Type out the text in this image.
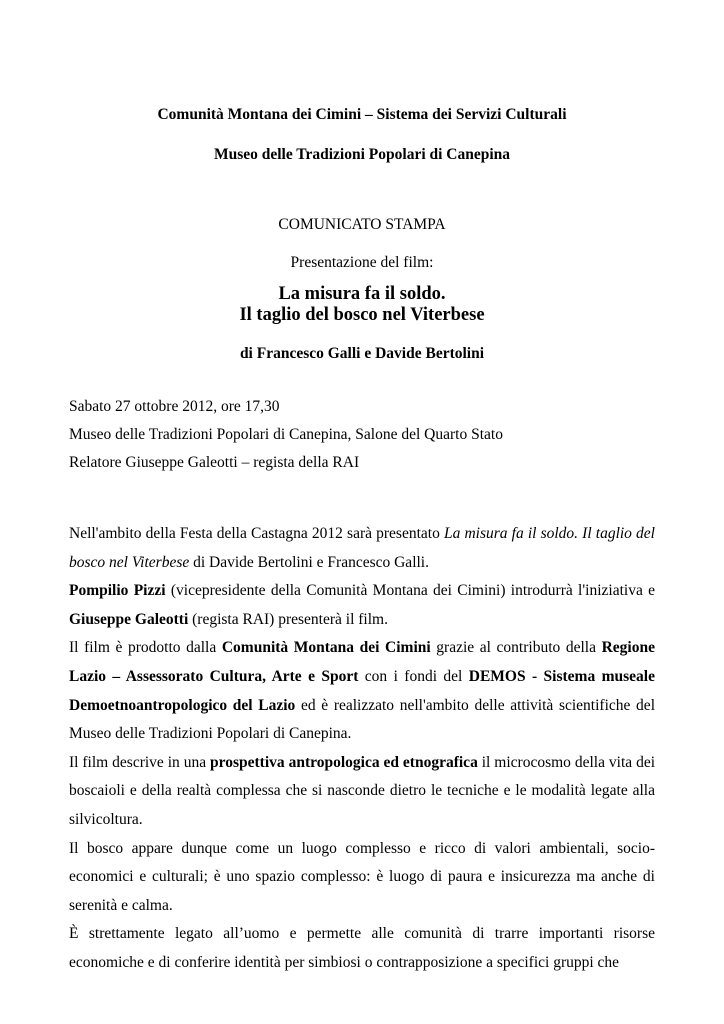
Comunità Montana dei Cimini – Sistema dei Servizi Culturali
Museo delle Tradizioni Popolari di Canepina
COMUNICATO STAMPA
Presentazione del film:
La misura fa il soldo.
Il taglio del bosco nel Viterbese
di Francesco Galli e Davide Bertolini
Sabato 27 ottobre 2012, ore 17,30
Museo delle Tradizioni Popolari di Canepina, Salone del Quarto Stato
Relatore Giuseppe Galeotti – regista della RAI

Nell'ambito della Festa della Castagna 2012 sarà presentato La misura fa il soldo. Il taglio del bosco nel Viterbese di Davide Bertolini e Francesco Galli.

Pompilio Pizzi (vicepresidente della Comunità Montana dei Cimini) introdurrà l'iniziativa e Giuseppe Galeotti (regista RAI) presenterà il film.

Il film è prodotto dalla Comunità Montana dei Cimini grazie al contributo della Regione Lazio – Assessorato Cultura, Arte e Sport con i fondi del DEMOS - Sistema museale Demoetnoantropologico del Lazio ed è realizzato nell'ambito delle attività scientifiche del Museo delle Tradizioni Popolari di Canepina.

Il film descrive in una prospettiva antropologica ed etnografica il microcosmo della vita dei boscaioli e della realtà complessa che si nasconde dietro le tecniche e le modalità legate alla silvicoltura.

Il bosco appare dunque come un luogo complesso e ricco di valori ambientali, socio-economici e culturali; è uno spazio complesso: è luogo di paura e insicurezza ma anche di serenità e calma.

È strettamente legato all’uomo e permette alle comunità di trarre importanti risorse economiche e di conferire identità per simbiosi o contrapposizione a specifici gruppi che
